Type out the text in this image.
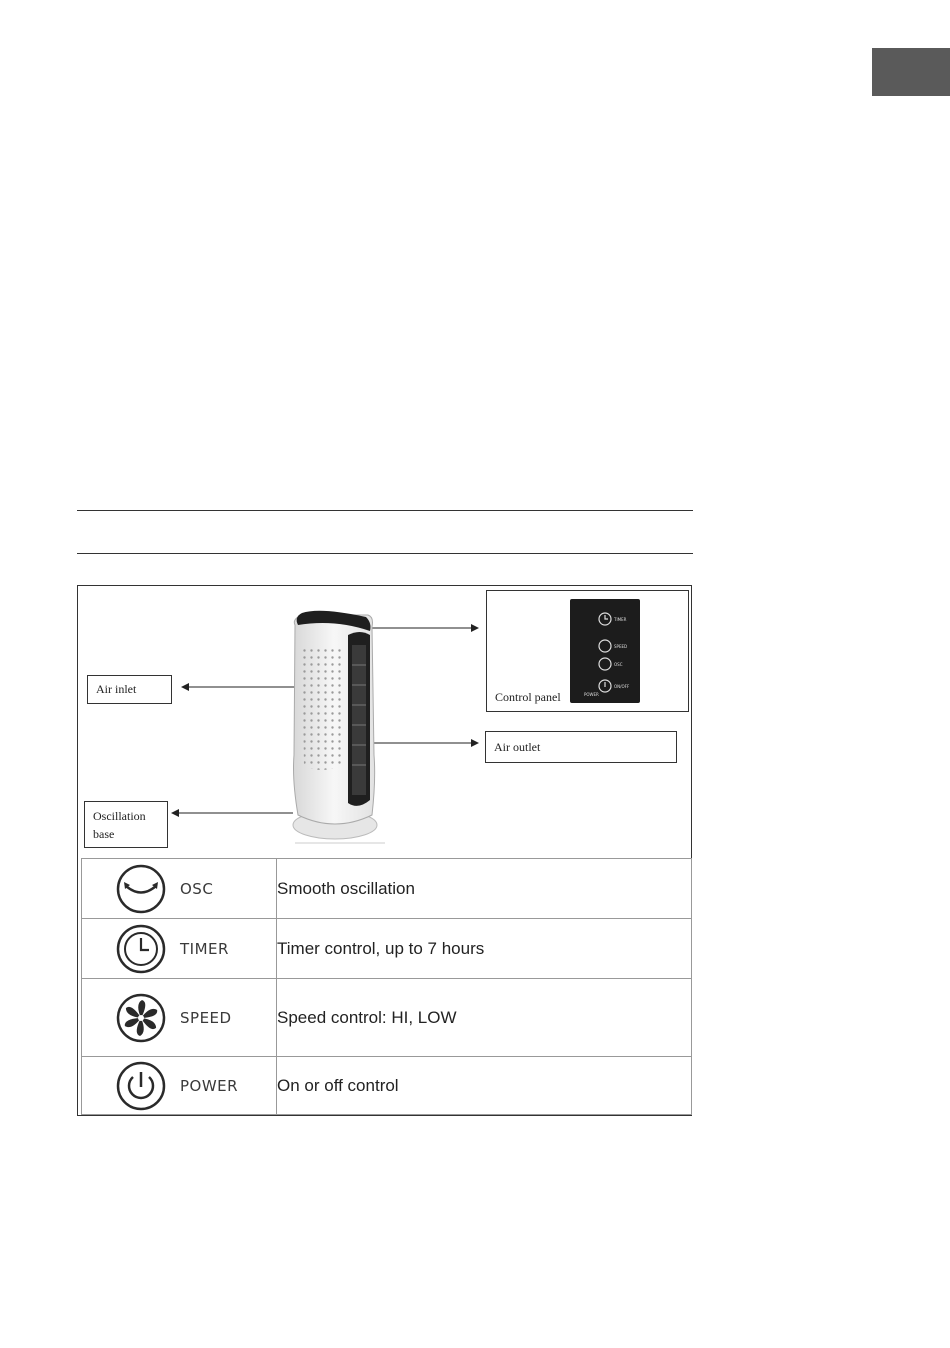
Air inlet
Air outlet
Oscillation
base
TIMER
SPEED
OSC
POWER
ON/OFF
Control panel
OSC	Smooth oscillation

TIMER	Timer control, up to 7 hours

SPEED	Speed control: HI, LOW

POWER	On or off control
